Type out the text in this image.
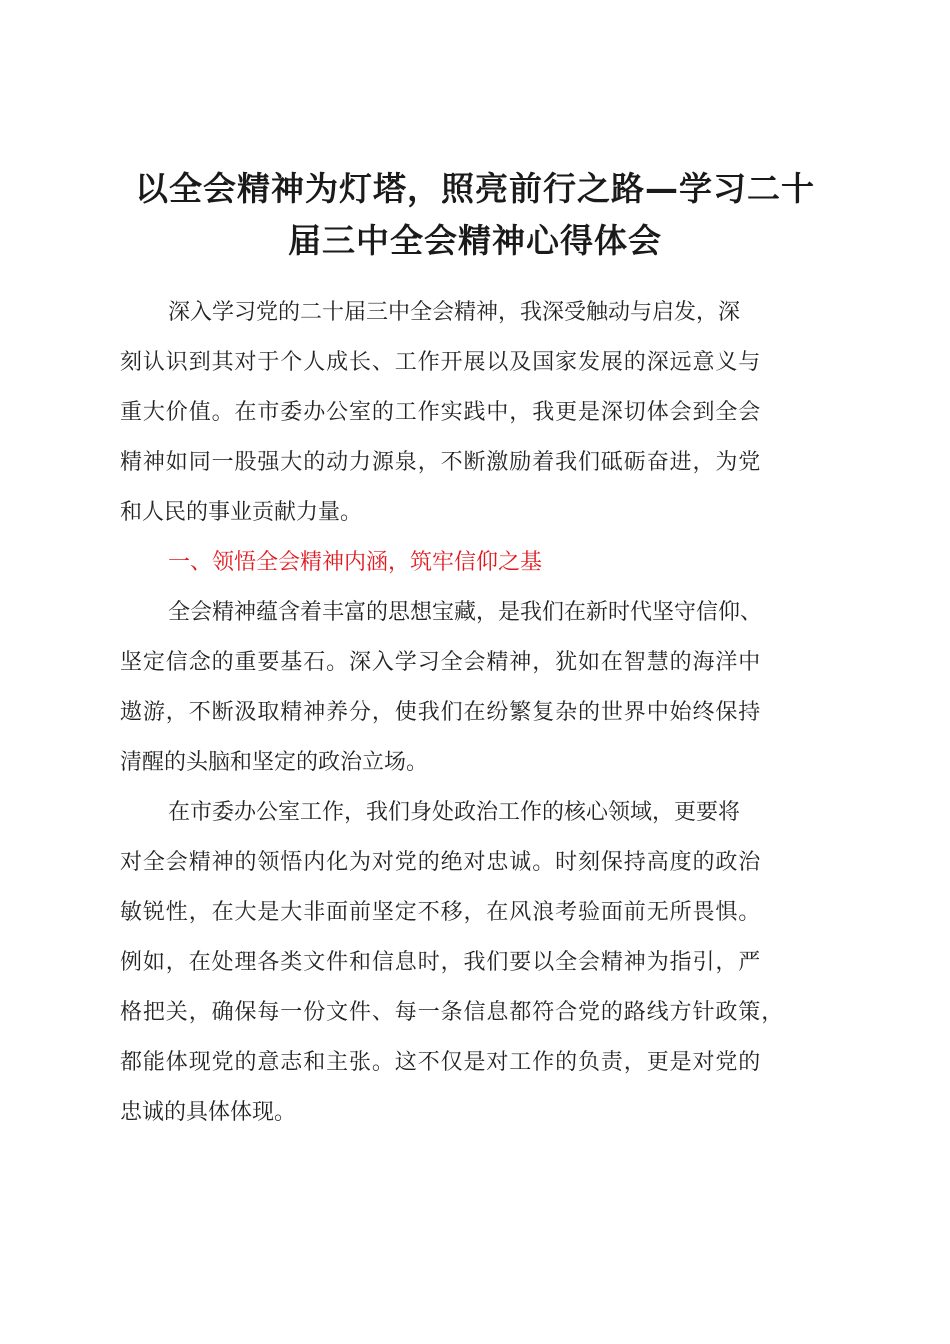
以全会精神为灯塔，照亮前行之路—学习二十
届三中全会精神心得体会
深入学习党的二十届三中全会精神，我深受触动与启发，深
刻认识到其对于个人成长、工作开展以及国家发展的深远意义与
重大价值。在市委办公室的工作实践中，我更是深切体会到全会
精神如同一股强大的动力源泉，不断激励着我们砥砺奋进，为党
和人民的事业贡献力量。
一、领悟全会精神内涵，筑牢信仰之基
全会精神蕴含着丰富的思想宝藏，是我们在新时代坚守信仰、
坚定信念的重要基石。深入学习全会精神，犹如在智慧的海洋中
遨游，不断汲取精神养分，使我们在纷繁复杂的世界中始终保持
清醒的头脑和坚定的政治立场。
在市委办公室工作，我们身处政治工作的核心领域，更要将
对全会精神的领悟内化为对党的绝对忠诚。时刻保持高度的政治
敏锐性，在大是大非面前坚定不移，在风浪考验面前无所畏惧。
例如，在处理各类文件和信息时，我们要以全会精神为指引，严
格把关，确保每一份文件、每一条信息都符合党的路线方针政策，
都能体现党的意志和主张。这不仅是对工作的负责，更是对党的
忠诚的具体体现。
